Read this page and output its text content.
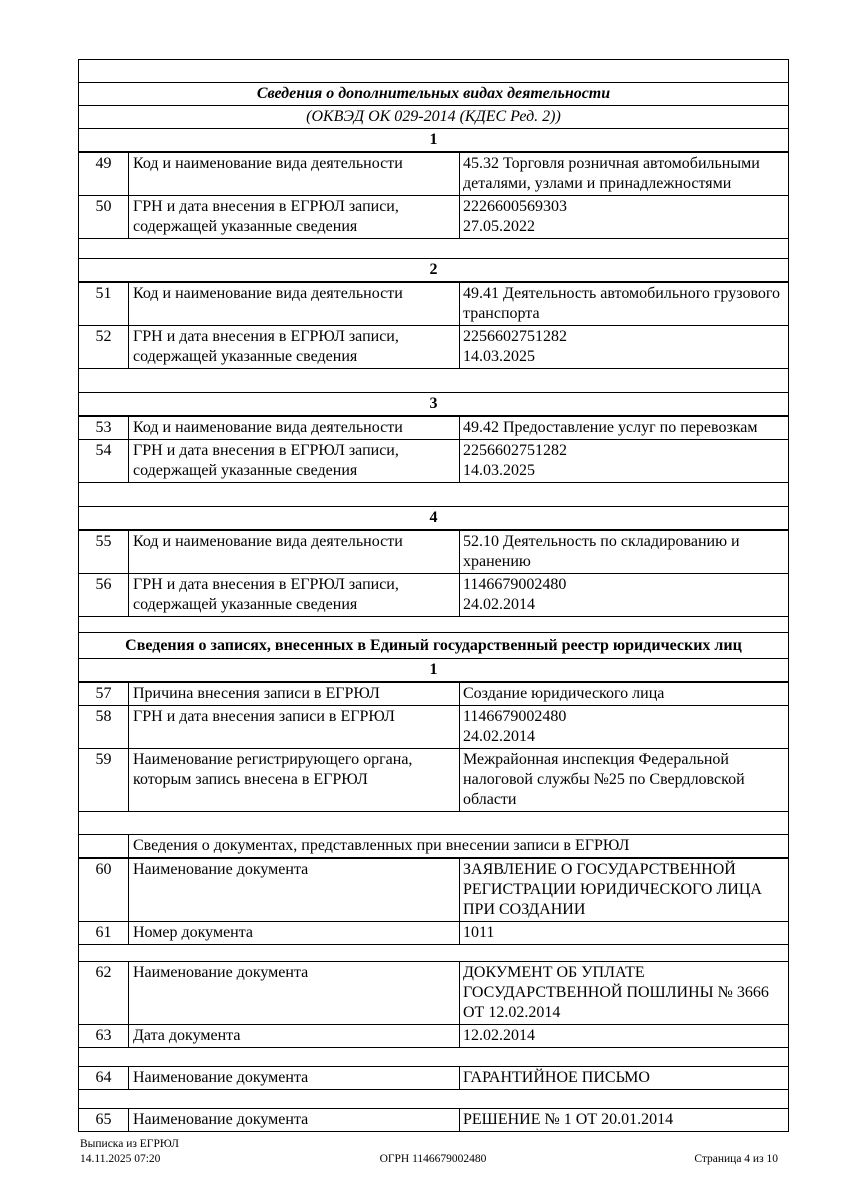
Сведения о дополнительных видах деятельности		
(ОКВЭД ОК 029-2014 (КДЕС Ред. 2))		
1		
49	Код и наименование вида деятельности	45.32 Торговля розничная автомобильными деталями, узлами и принадлежностями
50	ГРН и дата внесения в ЕГРЮЛ записи, содержащей указанные сведения	2226600569303
27.05.2022

2		
51	Код и наименование вида деятельности	49.41 Деятельность автомобильного грузового транспорта
52	ГРН и дата внесения в ЕГРЮЛ записи, содержащей указанные сведения	2256602751282
14.03.2025

3		
53	Код и наименование вида деятельности	49.42 Предоставление услуг по перевозкам
54	ГРН и дата внесения в ЕГРЮЛ записи, содержащей указанные сведения	2256602751282
14.03.2025

4		
55	Код и наименование вида деятельности	52.10 Деятельность по складированию и хранению
56	ГРН и дата внесения в ЕГРЮЛ записи, содержащей указанные сведения	1146679002480
24.02.2014

Сведения о записях, внесенных в Единый государственный реестр юридических лиц		
1		
57	Причина внесения записи в ЕГРЮЛ	Создание юридического лица
58	ГРН и дата внесения записи в ЕГРЮЛ	1146679002480
24.02.2014

59	Наименование регистрирующего органа, которым запись внесена в ЕГРЮЛ	Межрайонная инспекция Федеральной налоговой службы №25 по Свердловской области

	Сведения о документах, представленных при внесении записи в ЕГРЮЛ	
60	Наименование документа	ЗАЯВЛЕНИЕ О ГОСУДАРСТВЕННОЙ РЕГИСТРАЦИИ ЮРИДИЧЕСКОГО ЛИЦА ПРИ СОЗДАНИИ
61	Номер документа	1011

62	Наименование документа	ДОКУМЕНТ ОБ УПЛАТЕ ГОСУДАРСТВЕННОЙ ПОШЛИНЫ № 3666 ОТ 12.02.2014
63	Дата документа	12.02.2014

64	Наименование документа	ГАРАНТИЙНОЕ ПИСЬМО

65	Наименование документа	РЕШЕНИЕ № 1 ОТ 20.01.2014
Выписка из ЕГРЮЛ
14.11.2025 07:20	ОГРН 1146679002480	Страница 4 из 10
